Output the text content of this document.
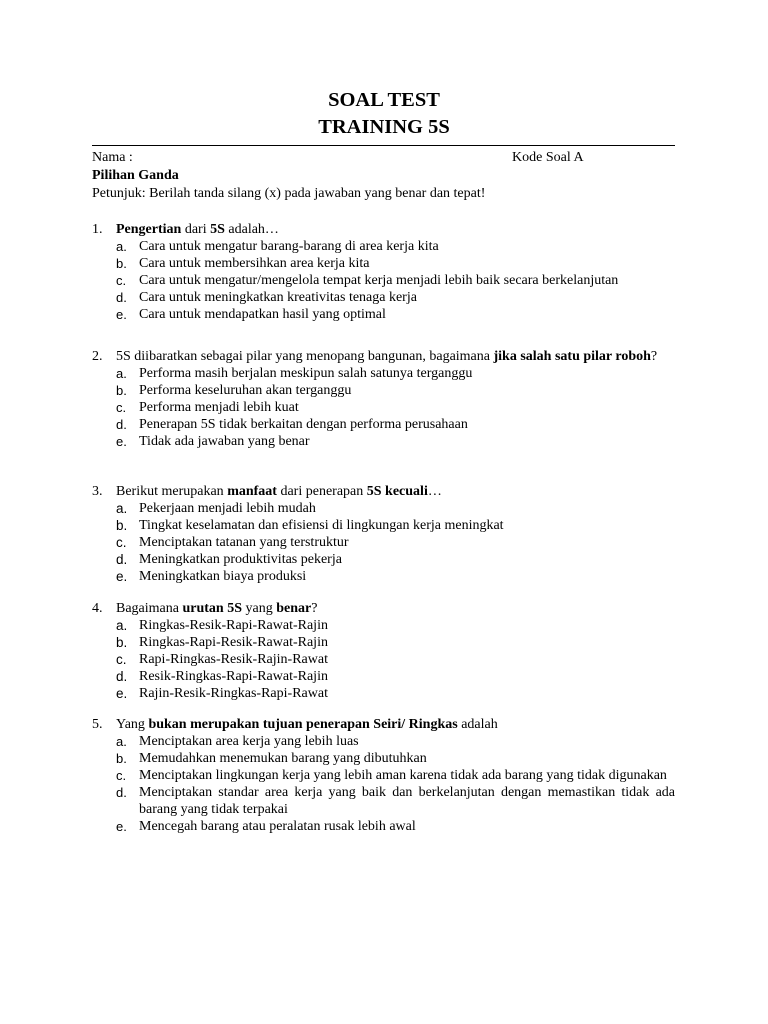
SOAL TEST
TRAINING 5S
Nama :	Kode Soal A
Pilihan Ganda
Petunjuk: Berilah tanda silang (x) pada jawaban yang benar dan tepat!
1. Pengertian dari 5S adalah…
a. Cara untuk mengatur barang-barang di area kerja kita
b. Cara untuk membersihkan area kerja kita
c. Cara untuk mengatur/mengelola tempat kerja menjadi lebih baik secara berkelanjutan
d. Cara untuk meningkatkan kreativitas tenaga kerja
e. Cara untuk mendapatkan hasil yang optimal
2. 5S diibaratkan sebagai pilar yang menopang bangunan, bagaimana jika salah satu pilar roboh?
a. Performa masih berjalan meskipun salah satunya terganggu
b. Performa keseluruhan akan terganggu
c. Performa menjadi lebih kuat
d. Penerapan 5S tidak berkaitan dengan performa perusahaan
e. Tidak ada jawaban yang benar
3. Berikut merupakan manfaat dari penerapan 5S kecuali…
a. Pekerjaan menjadi lebih mudah
b. Tingkat keselamatan dan efisiensi di lingkungan kerja meningkat
c. Menciptakan tatanan yang terstruktur
d. Meningkatkan produktivitas pekerja
e. Meningkatkan biaya produksi
4. Bagaimana urutan 5S yang benar?
a. Ringkas-Resik-Rapi-Rawat-Rajin
b. Ringkas-Rapi-Resik-Rawat-Rajin
c. Rapi-Ringkas-Resik-Rajin-Rawat
d. Resik-Ringkas-Rapi-Rawat-Rajin
e. Rajin-Resik-Ringkas-Rapi-Rawat
5. Yang bukan merupakan tujuan penerapan Seiri/ Ringkas adalah
a. Menciptakan area kerja yang lebih luas
b. Memudahkan menemukan barang yang dibutuhkan
c. Menciptakan lingkungan kerja yang lebih aman karena tidak ada barang yang tidak digunakan
d. Menciptakan standar area kerja yang baik dan berkelanjutan dengan memastikan tidak ada barang yang tidak terpakai
e. Mencegah barang atau peralatan rusak lebih awal
